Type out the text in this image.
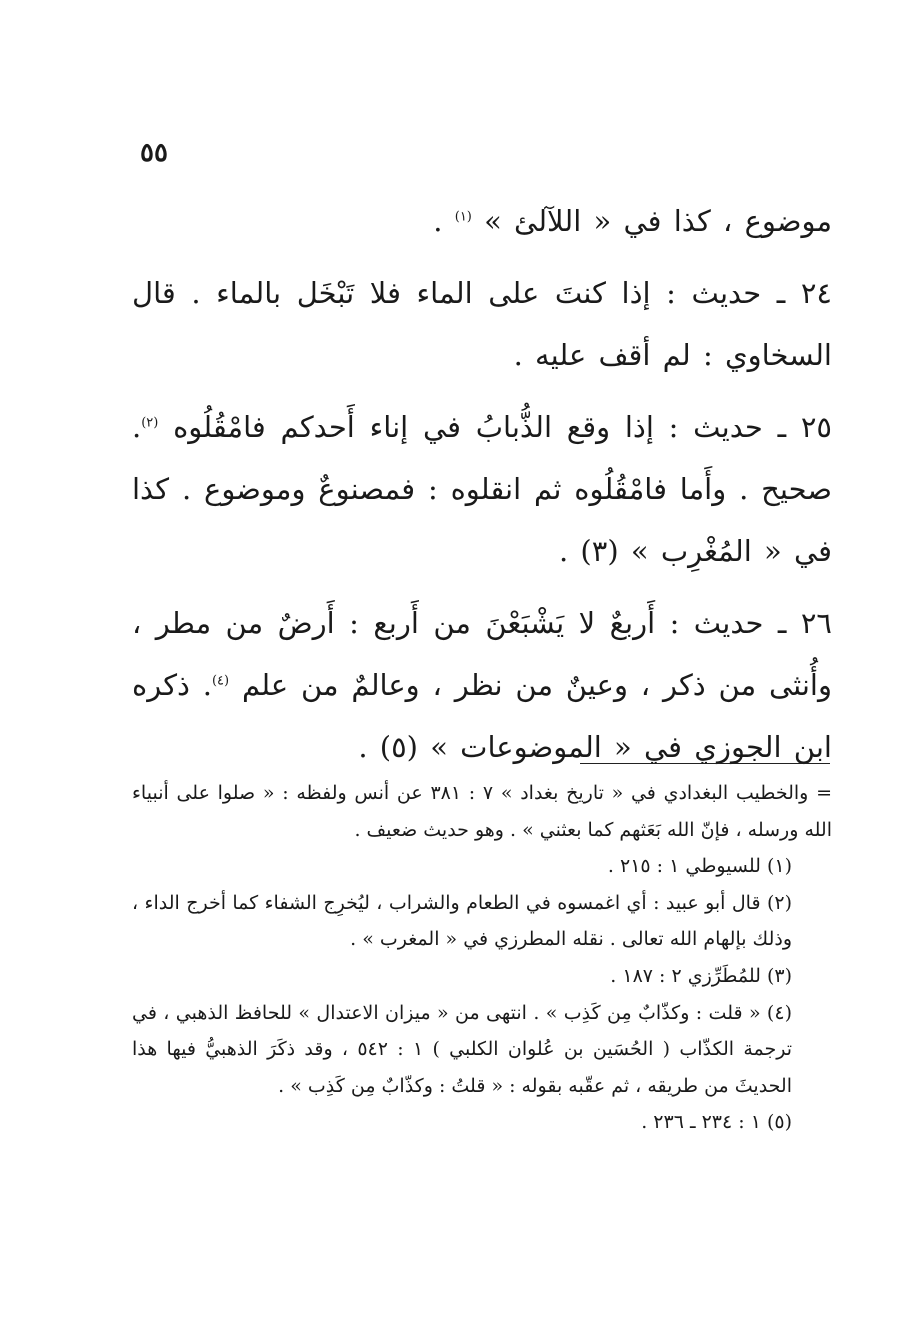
٥٥

موضوع ، كذا في « اللآلئ » $^{(١)}$ .

٢٤ ـ حديث : إذا كنتَ على الماء فلا تَبْخَل بالماء . قال السخاوي : لم أقف عليه .

٢٥ ـ حديث : إذا وقع الذُّبابُ في إناء أَحدكم فامْقُلُوه $^{(٢)}$. صحيح . وأَما فامْقُلُوه ثم انقلوه : فمصنوعٌ وموضوع . كذا في « المُغْرِب » (٣) .

٢٦ ـ حديث : أَربعٌ لا يَشْبَعْنَ من أَربع : أَرضٌ من مطر ، وأُنثى من ذكر ، وعينٌ من نظر ، وعالمٌ من علم $^{(٤)}$. ذكره ابن الجوزي في « الموضوعات » (٥) .

= والخطيب البغدادي في « تاريخ بغداد » ٧ : ٣٨١ عن أنس ولفظه : « صلوا على أنبياء الله ورسله ، فإنّ الله بَعَثهم كما بعثني » . وهو حديث ضعيف .

(١) للسيوطي ١ : ٢١٥ .

(٢) قال أبو عبيد : أي اغمسوه في الطعام والشراب ، ليُخرِج الشفاء كما أخرج الداء ، وذلك بإلهام الله تعالى . نقله المطرزي في « المغرب » .

(٣) للمُطَرِّزي ٢ : ١٨٧ .

(٤) « قلت : وكذّابٌ مِن كَذِب » . انتهى من « ميزان الاعتدال » للحافظ الذهبي ، في ترجمة الكذّاب ( الحُسَين بن عُلوان الكلبي ) ١ : ٥٤٢ ، وقد ذكَرَ الذهبيُّ فيها هذا الحديثَ من طريقه ، ثم عقّبه بقوله : « قلتُ : وكذّابٌ مِن كَذِب » .

(٥) ١ : ٢٣٤ ـ ٢٣٦ .
